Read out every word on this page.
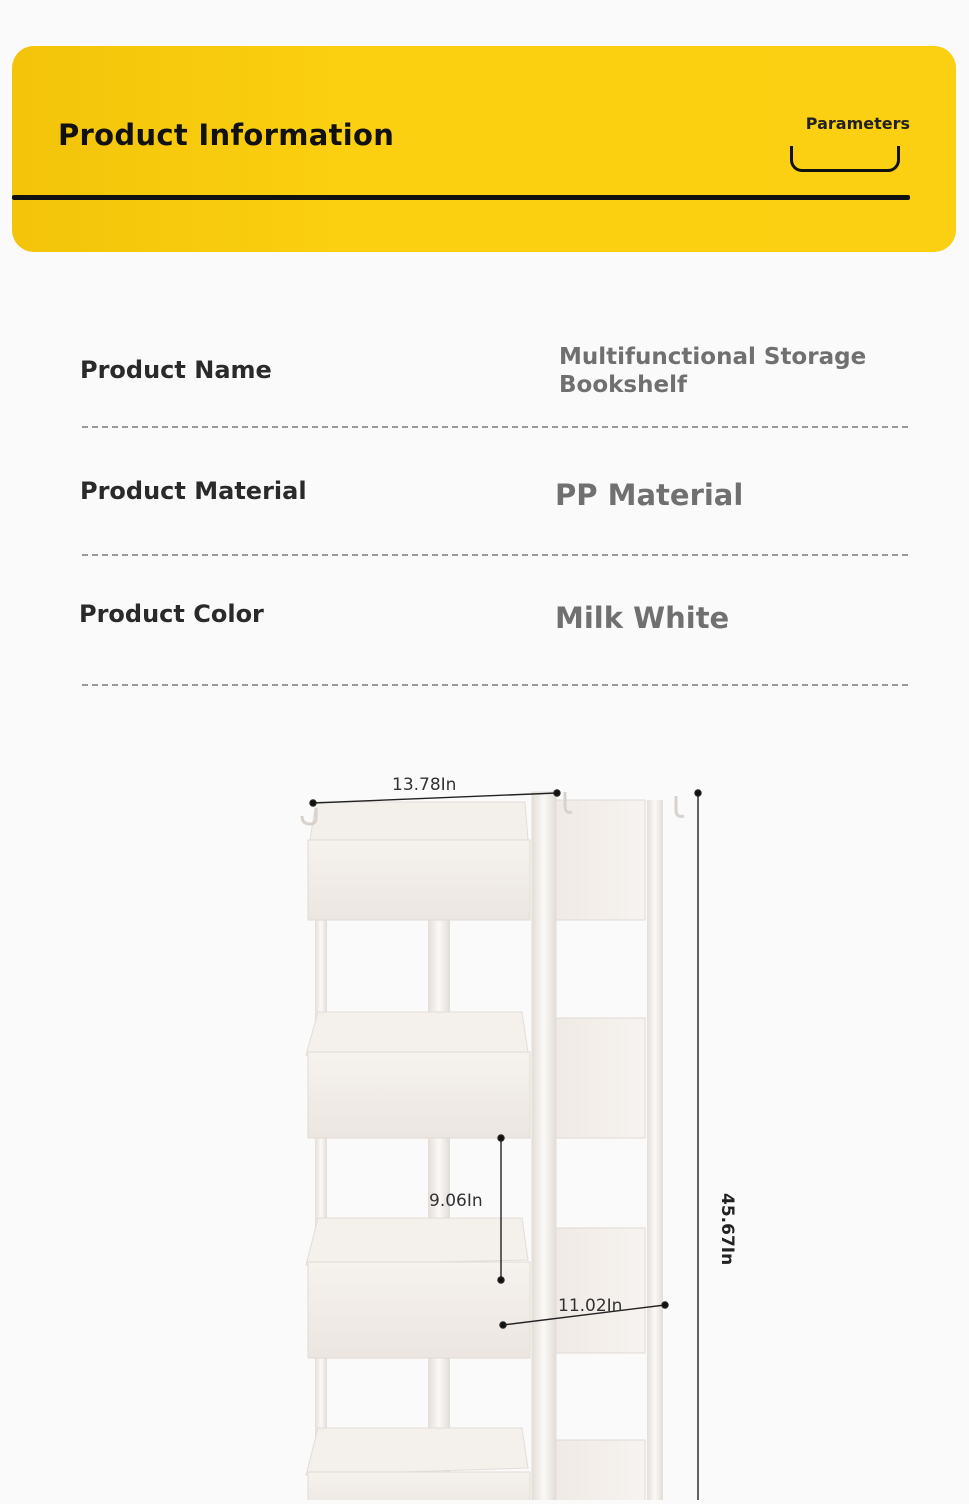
Product Information	Parameters
Product Name	Multifunctional Storage Bookshelf
Product Material	PP Material
Product Color	Milk White
13.78In
9.06In
11.02In
45.67In
